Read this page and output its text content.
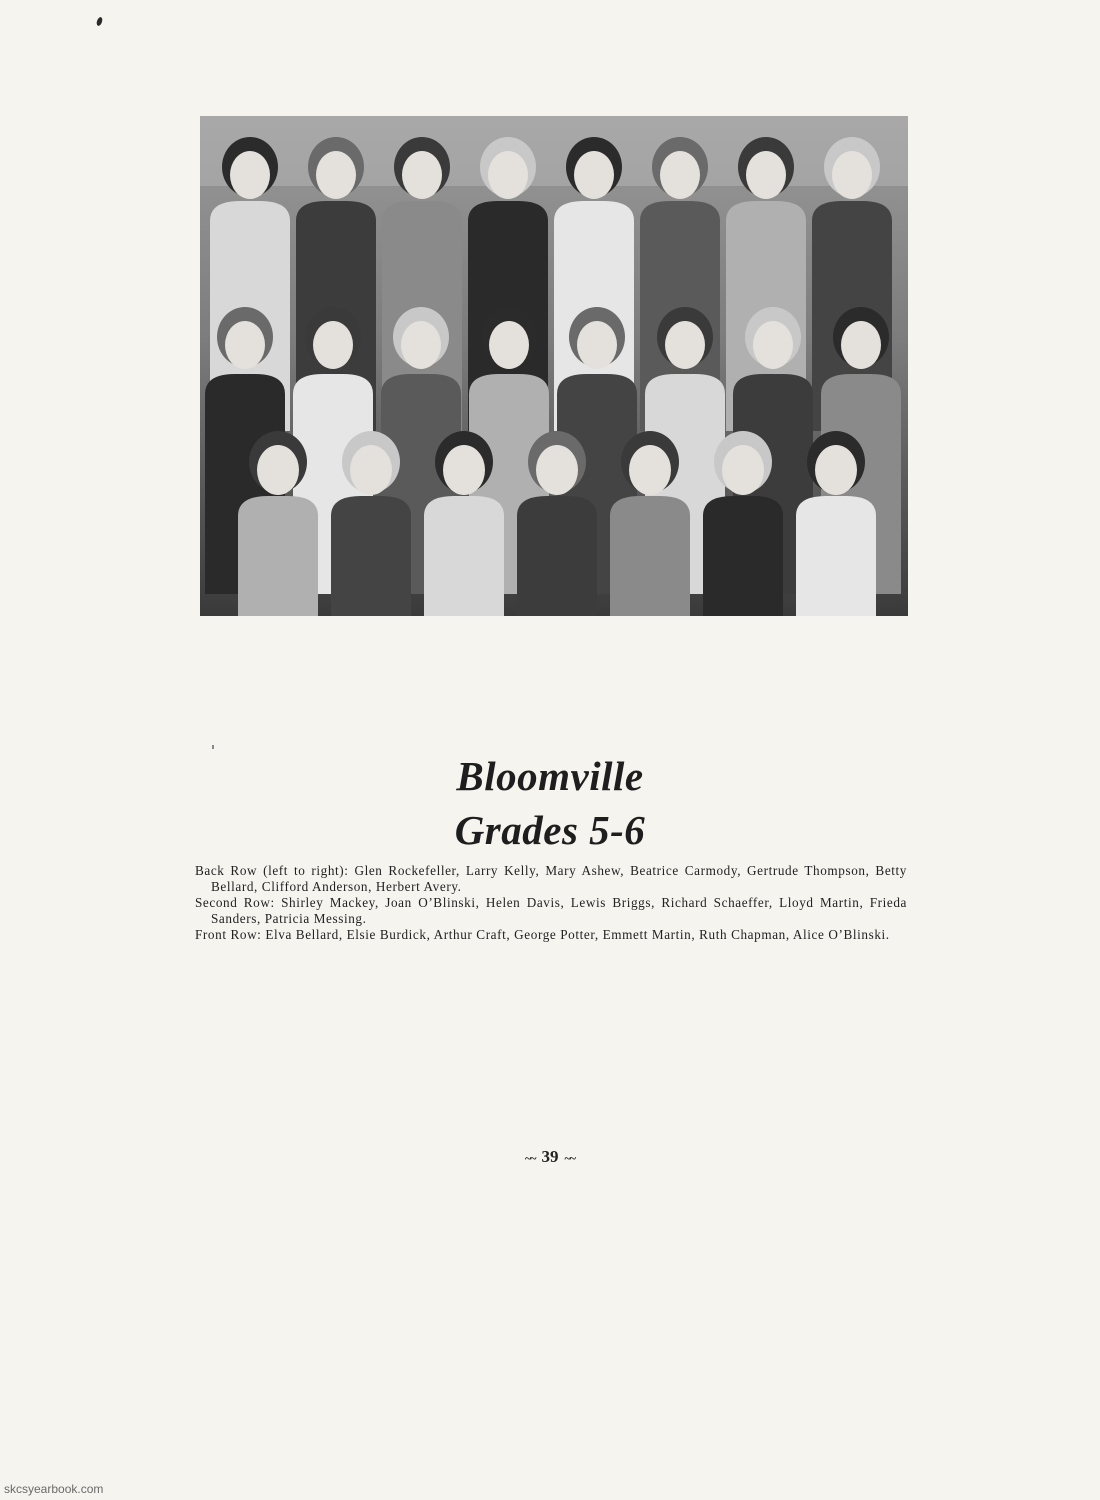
Bloomville
Grades 5-6

Back Row (left to right): Glen Rockefeller, Larry Kelly, Mary Ashew, Beatrice Carmody, Gertrude Thompson, Betty Bellard, Clifford Anderson, Herbert Avery.

Second Row: Shirley Mackey, Joan O’Blinski, Helen Davis, Lewis Briggs, Richard Schaeffer, Lloyd Martin, Frieda Sanders, Patricia Messing.

Front Row: Elva Bellard, Elsie Burdick, Arthur Craft, George Potter, Emmett Martin, Ruth Chapman, Alice O’Blinski.

~~ 39 ~~
skcsyearbook.com
